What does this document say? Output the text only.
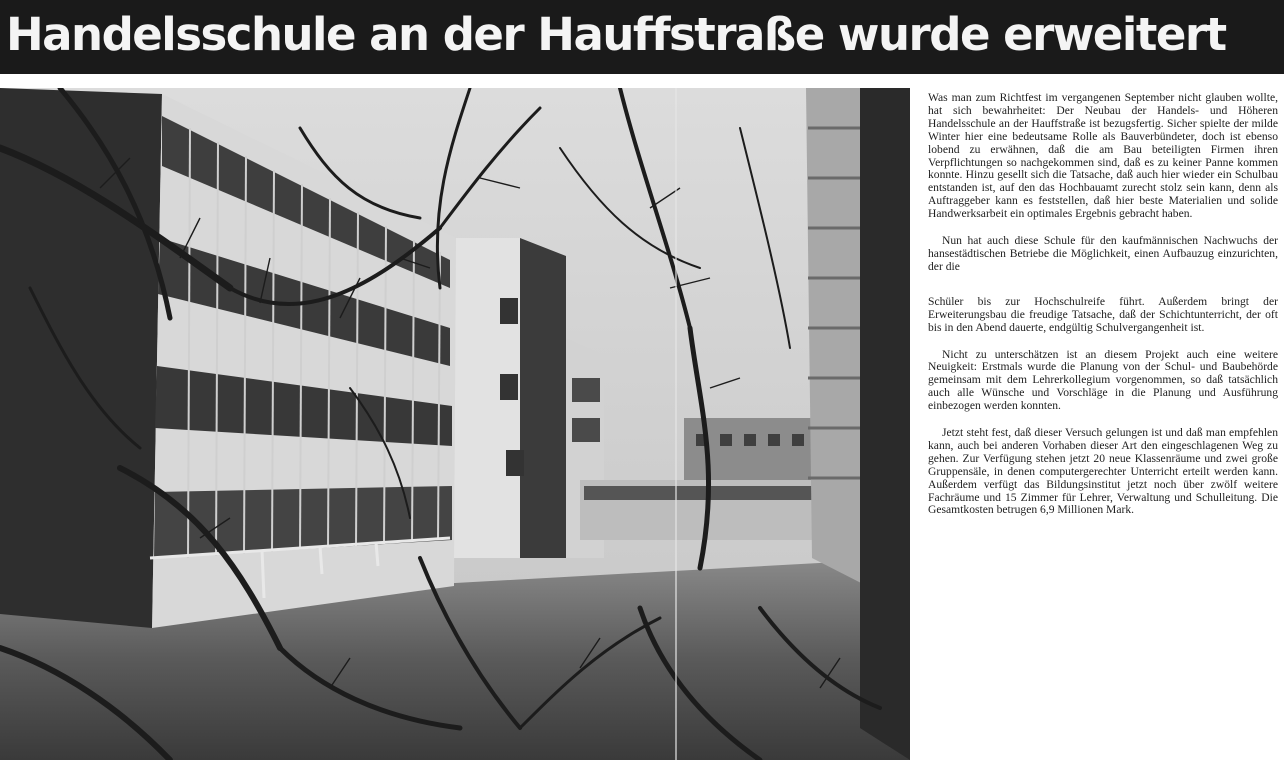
Handelsschule an der Hauffstraße wurde erweitert

Was man zum Richtfest im vergangenen September nicht glauben wollte, hat sich bewahrheitet: Der Neubau der Handels- und Höheren Handelsschule an der Hauffstraße ist bezugsfertig. Sicher spielte der milde Winter hier eine bedeutsame Rolle als Bauverbündeter, doch ist ebenso lobend zu erwähnen, daß die am Bau beteiligten Firmen ihren Verpflichtungen so nachgekommen sind, daß es zu keiner Panne kommen konnte. Hinzu gesellt sich die Tatsache, daß auch hier wieder ein Schulbau entstanden ist, auf den das Hochbauamt zurecht stolz sein kann, denn als Auftraggeber kann es feststellen, daß hier beste Materialien und solide Handwerksarbeit ein optimales Ergebnis gebracht haben.

Nun hat auch diese Schule für den kaufmännischen Nachwuchs der hansestädtischen Betriebe die Möglichkeit, einen Aufbauzug einzurichten, der die

Schüler bis zur Hochschulreife führt. Außerdem bringt der Erweiterungsbau die freudige Tatsache, daß der Schichtunterricht, der oft bis in den Abend dauerte, endgültig Schulvergangenheit ist.

Nicht zu unterschätzen ist an diesem Projekt auch eine weitere Neuigkeit: Erstmals wurde die Planung von der Schul- und Baubehörde gemeinsam mit dem Lehrerkollegium vorgenommen, so daß tatsächlich auch alle Wünsche und Vorschläge in die Planung und Ausführung einbezogen werden konnten.

Jetzt steht fest, daß dieser Versuch gelungen ist und daß man empfehlen kann, auch bei anderen Vorhaben dieser Art den eingeschlagenen Weg zu gehen. Zur Verfügung stehen jetzt 20 neue Klassenräume und zwei große Gruppensäle, in denen computergerechter Unterricht erteilt werden kann. Außerdem verfügt das Bildungsinstitut jetzt noch über zwölf weitere Fachräume und 15 Zimmer für Lehrer, Verwaltung und Schulleitung. Die Gesamtkosten betrugen 6,9 Millionen Mark.
